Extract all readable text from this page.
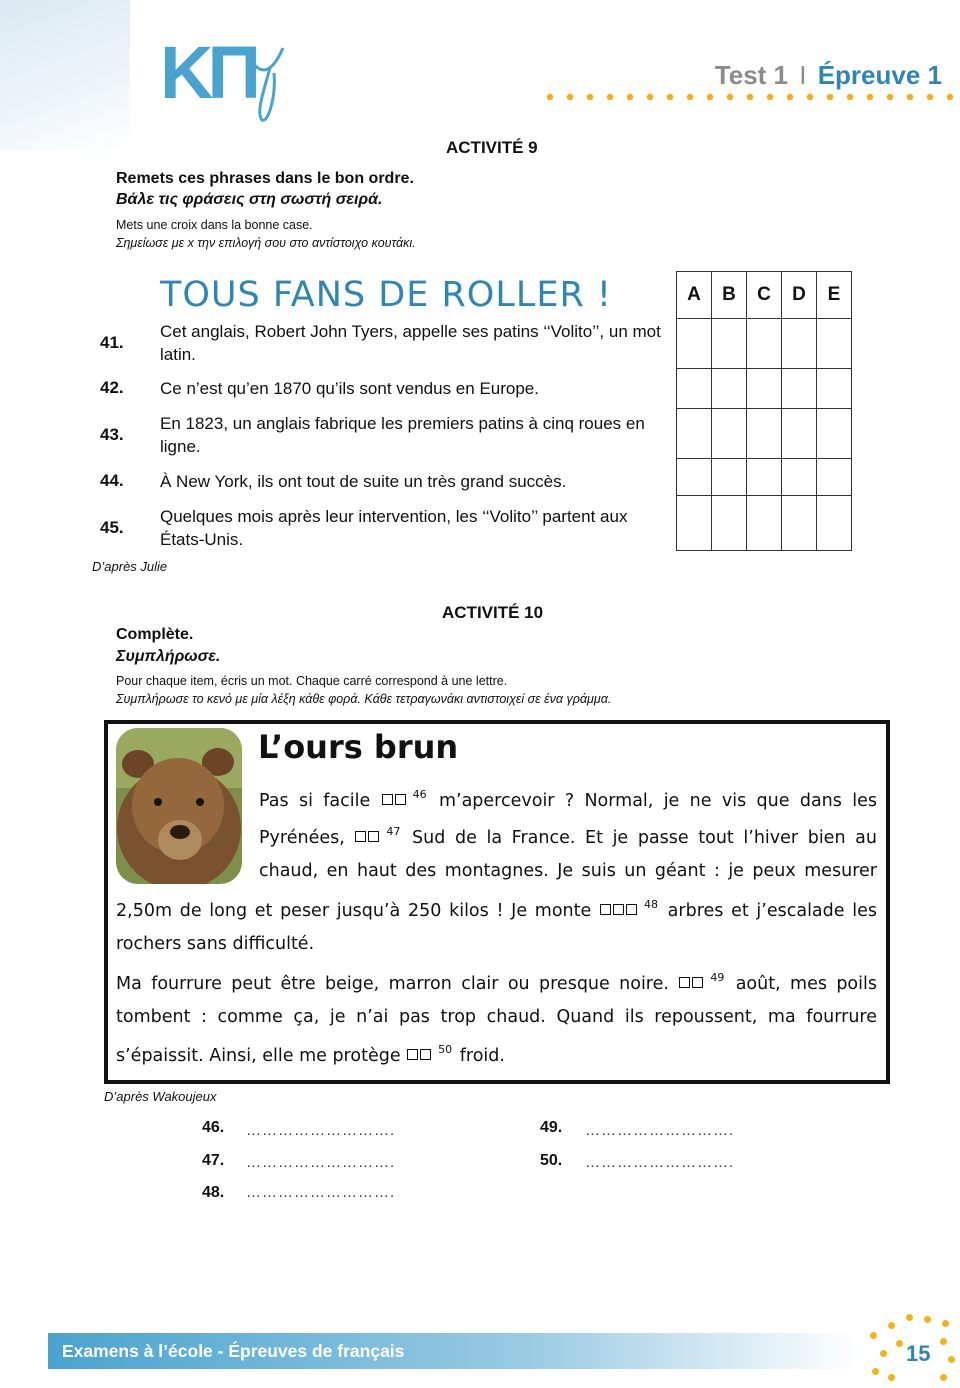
ΚΠ	Test 1 I Épreuve 1
ACTIVITÉ 9
Remets ces phrases dans le bon ordre.
Βάλε τις φράσεις στη σωστή σειρά.
Mets une croix dans la bonne case.
Σημείωσε με x την επιλογή σου στο αντίστοιχο κουτάκι.
TOUS FANS DE ROLLER !
41.
Cet anglais, Robert John Tyers, appelle ses patins ‘‘Volito’’, un mot latin.
42. Ce n’est qu’en 1870 qu’ils sont vendus en Europe.
43.
En 1823, un anglais fabrique les premiers patins à cinq roues en ligne.
44. À New York, ils ont tout de suite un très grand succès.
45.
Quelques mois après leur intervention, les ‘‘Volito’’ partent aux États-Unis.
A	B	C	D	E

D’après Julie
ACTIVITÉ 10
Complète.
Συμπλήρωσε.
Pour chaque item, écris un mot. Chaque carré correspond à une lettre.
Συμπλήρωσε το κενό με μία λέξη κάθε φορά. Κάθε τετραγωνάκι αντιστοιχεί σε ένα γράμμα.
L’ours brun
Pas si facile	$^{46}$ m’apercevoir ? Normal, je ne vis que dans les
Pyrénées,	$^{47}$ Sud de la France. Et je passe tout l’hiver bien au
chaud, en haut des montagnes. Je suis un géant : je peux mesurer
2,50m de long et peser jusqu’à 250 kilos ! Je monte	$^{48}$ arbres et j’escalade les
rochers sans difficulté.
Ma fourrure peut être beige, marron clair ou presque noire.	$^{49}$ août, mes poils
tombent : comme ça, je n’ai pas trop chaud. Quand ils repoussent, ma fourrure
s’épaissit. Ainsi, elle me protège	$^{50}$ froid.
D’après Wakoujeux
46. ……………………….
47. ……………………….
48. ……………………….
49. ……………………….
50. ……………………….
Examens à l’école - Épreuves de français	15
